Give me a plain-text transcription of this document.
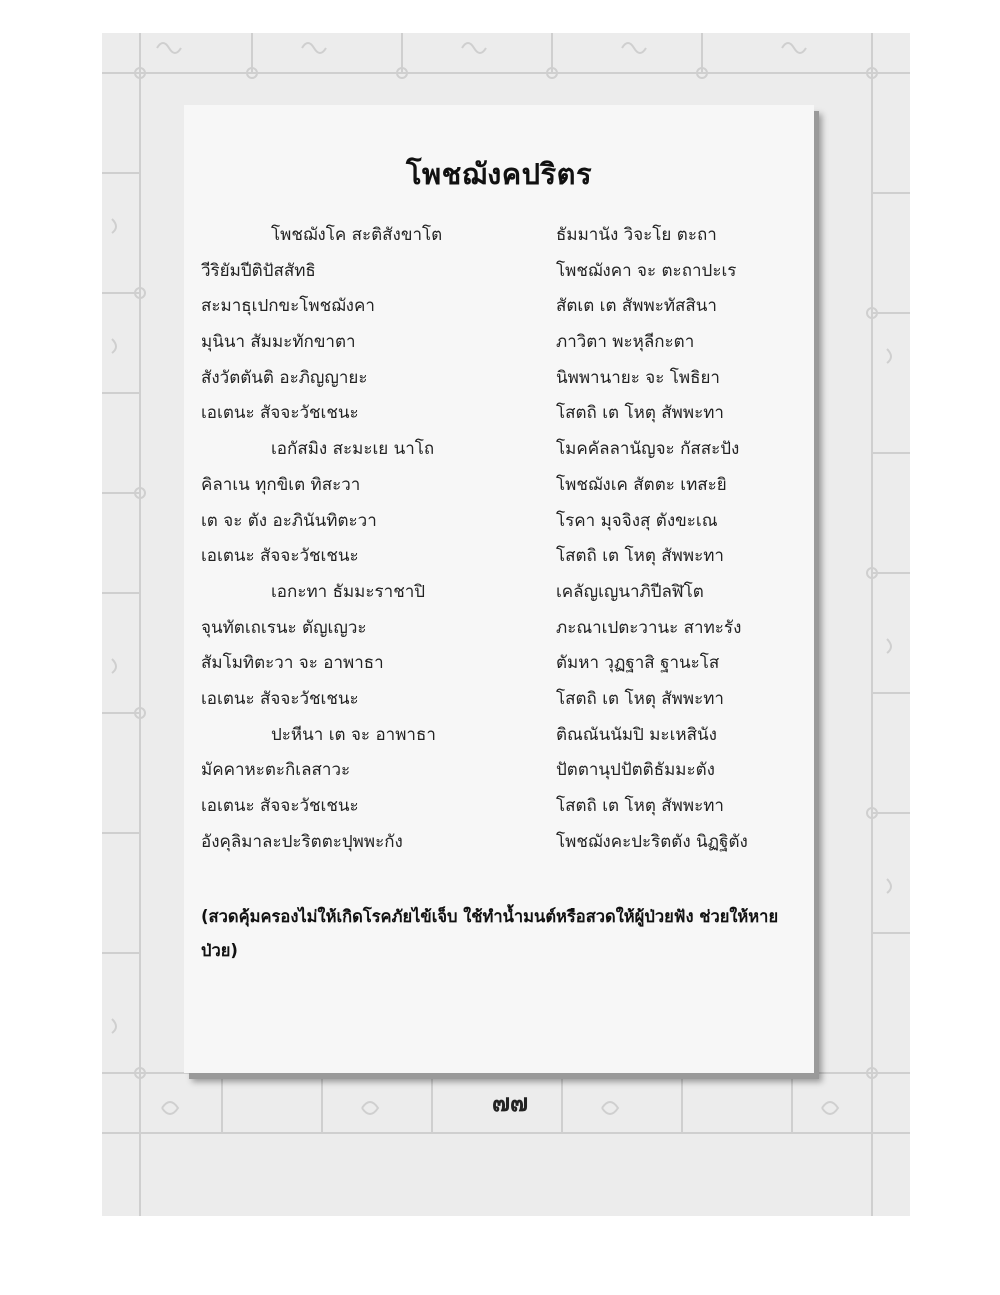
โพชฌังคปริตร
โพชฌังโค สะติสังขาโต
วีริยัมปีติปัสสัทธิ
สะมาธุเปกขะโพชฌังคา
มุนินา สัมมะทักขาตา
สังวัตตันติ อะภิญญายะ
เอเตนะ สัจจะวัชเชนะ
เอกัสมิง สะมะเย นาโถ
คิลาเน ทุกขิเต ทิสะวา
เต จะ ตัง อะภินันทิตะวา
เอเตนะ สัจจะวัชเชนะ
เอกะทา ธัมมะราชาปิ
จุนทัตเถเรนะ ตัญเญวะ
สัมโมทิตะวา จะ อาพาธา
เอเตนะ สัจจะวัชเชนะ
ปะหีนา เต จะ อาพาธา
มัคคาหะตะกิเลสาวะ
เอเตนะ สัจจะวัชเชนะ
อังคุลิมาละปะริตตะปุพพะกัง
ธัมมานัง วิจะโย ตะถา
โพชฌังคา จะ ตะถาปะเร
สัตเต เต สัพพะทัสสินา
ภาวิตา พะหุลีกะตา
นิพพานายะ จะ โพธิยา
โสตถิ เต โหตุ สัพพะทา
โมคคัลลานัญจะ กัสสะปัง
โพชฌังเค สัตตะ เทสะยิ
โรคา มุจจิงสุ ตังขะเณ
โสตถิ เต โหตุ สัพพะทา
เคลัญเญนาภิปีลฬิโต
ภะณาเปตะวานะ สาทะรัง
ตัมหา วุฏฐาสิ ฐานะโส
โสตถิ เต โหตุ สัพพะทา
ติณณันนัมปิ มะเหสินัง
ปัตตานุปปัตติธัมมะตัง
โสตถิ เต โหตุ สัพพะทา
โพชฌังคะปะริตตัง นิฏฐิตัง

(สวดคุ้มครองไม่ให้เกิดโรคภัยไข้เจ็บ ใช้ทำน้ำมนต์หรือสวดให้ผู้ป่วยฟัง ช่วยให้หายป่วย)

๗๗
